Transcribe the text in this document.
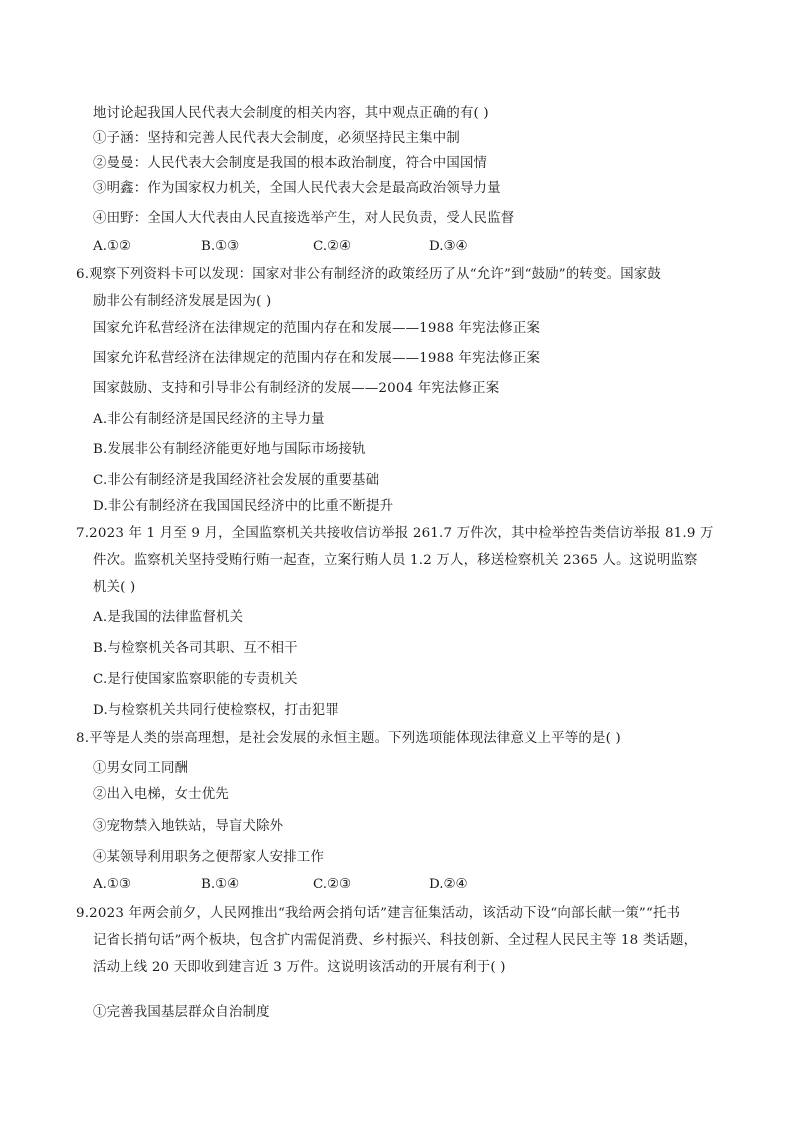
地讨论起我国人民代表大会制度的相关内容，其中观点正确的有( )
①子涵：坚持和完善人民代表大会制度，必须坚持民主集中制
②曼曼：人民代表大会制度是我国的根本政治制度，符合中国国情
③明鑫：作为国家权力机关，全国人民代表大会是最高政治领导力量
④田野：全国人大代表由人民直接选举产生，对人民负责，受人民监督
A.①②	B.①③	C.②④	D.③④
6.观察下列资料卡可以发现：国家对非公有制经济的政策经历了从“允许”到“鼓励”的转变。国家鼓
励非公有制经济发展是因为( )
国家允许私营经济在法律规定的范围内存在和发展——1988 年宪法修正案
国家允许私营经济在法律规定的范围内存在和发展——1988 年宪法修正案
国家鼓励、支持和引导非公有制经济的发展——2004 年宪法修正案
A.非公有制经济是国民经济的主导力量
B.发展非公有制经济能更好地与国际市场接轨
C.非公有制经济是我国经济社会发展的重要基础
D.非公有制经济在我国国民经济中的比重不断提升
7.2023 年 1 月至 9 月，全国监察机关共接收信访举报 261.7 万件次，其中检举控告类信访举报 81.9 万
件次。监察机关坚持受贿行贿一起查，立案行贿人员 1.2 万人，移送检察机关 2365 人。这说明监察
机关( )
A.是我国的法律监督机关
B.与检察机关各司其职、互不相干
C.是行使国家监察职能的专责机关
D.与检察机关共同行使检察权，打击犯罪
8.平等是人类的崇高理想，是社会发展的永恒主题。下列选项能体现法律意义上平等的是( )
①男女同工同酬
②出入电梯，女士优先
③宠物禁入地铁站，导盲犬除外
④某领导利用职务之便帮家人安排工作
A.①③	B.①④	C.②③	D.②④
9.2023 年两会前夕，人民网推出“我给两会捎句话”建言征集活动，该活动下设“向部长献一策”“托书
记省长捎句话”两个板块，包含扩内需促消费、乡村振兴、科技创新、全过程人民民主等 18 类话题，
活动上线 20 天即收到建言近 3 万件。这说明该活动的开展有利于( )
①完善我国基层群众自治制度
